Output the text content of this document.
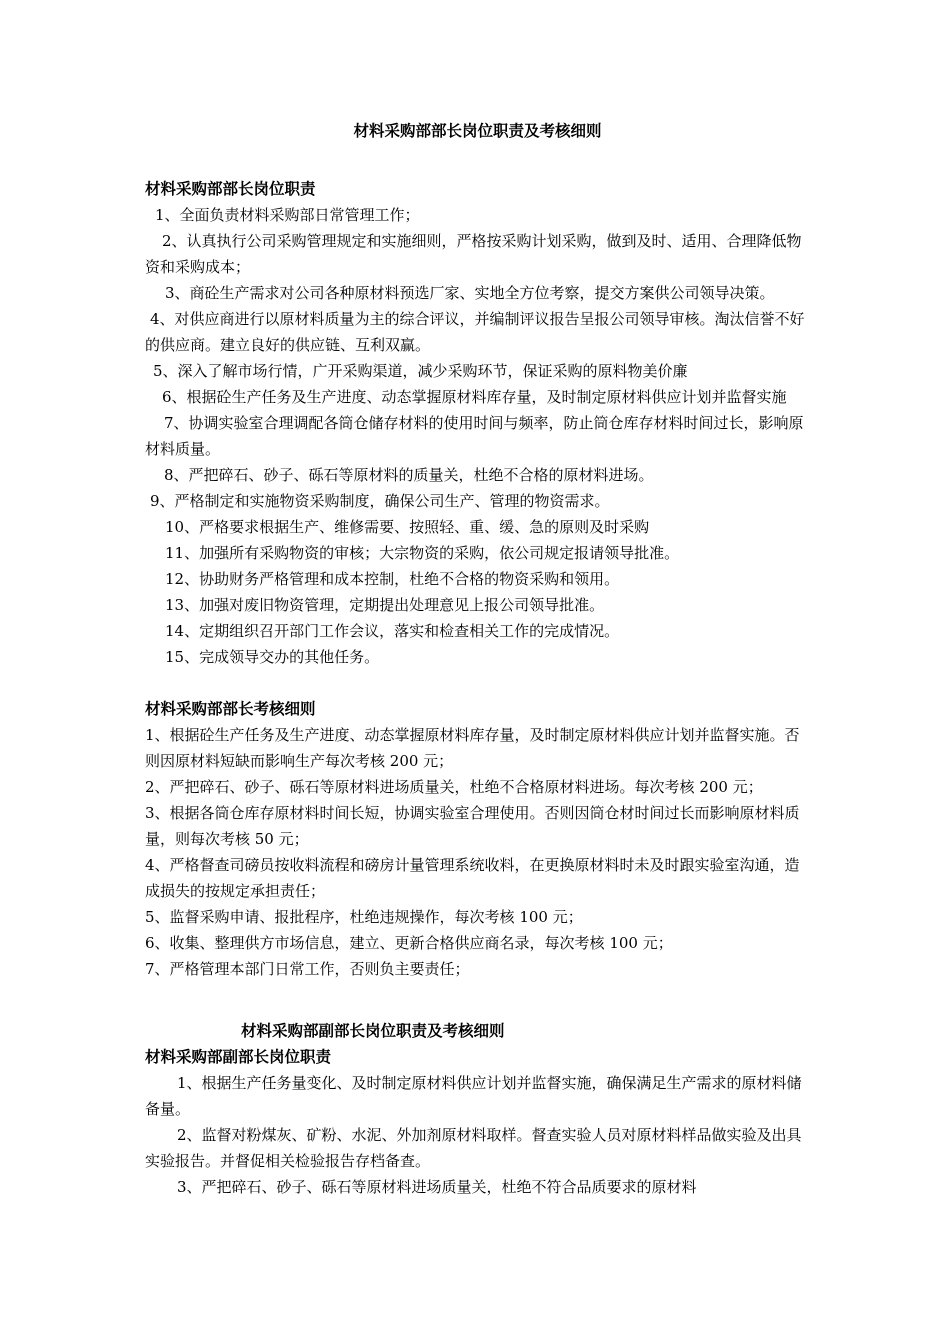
材料采购部部长岗位职责及考核细则
材料采购部部长岗位职责

1、全面负责材料采购部日常管理工作；

2、认真执行公司采购管理规定和实施细则，严格按采购计划采购，做到及时、适用、合理降低物资和采购成本；

3、商砼生产需求对公司各种原材料预选厂家、实地全方位考察，提交方案供公司领导决策。

4、对供应商进行以原材料质量为主的综合评议，并编制评议报告呈报公司领导审核。淘汰信誉不好的供应商。建立良好的供应链、互利双赢。

5、深入了解市场行情，广开采购渠道，减少采购环节，保证采购的原料物美价廉

6、根据砼生产任务及生产进度、动态掌握原材料库存量，及时制定原材料供应计划并监督实施

7、协调实验室合理调配各筒仓储存材料的使用时间与频率，防止筒仓库存材料时间过长，影响原材料质量。

8、严把碎石、砂子、砾石等原材料的质量关，杜绝不合格的原材料进场。

9、严格制定和实施物资采购制度，确保公司生产、管理的物资需求。

10、严格要求根据生产、维修需要、按照轻、重、缓、急的原则及时采购

11、加强所有采购物资的审核；大宗物资的采购，依公司规定报请领导批准。

12、协助财务严格管理和成本控制，杜绝不合格的物资采购和领用。

13、加强对废旧物资管理，定期提出处理意见上报公司领导批准。

14、定期组织召开部门工作会议，落实和检查相关工作的完成情况。

15、完成领导交办的其他任务。

材料采购部部长考核细则

1、根据砼生产任务及生产进度、动态掌握原材料库存量，及时制定原材料供应计划并监督实施。否则因原材料短缺而影响生产每次考核 200 元；

2、严把碎石、砂子、砾石等原材料进场质量关，杜绝不合格原材料进场。每次考核 200 元；

3、根据各筒仓库存原材料时间长短，协调实验室合理使用。否则因筒仓材时间过长而影响原材料质量，则每次考核 50 元；

4、严格督查司磅员按收料流程和磅房计量管理系统收料，在更换原材料时未及时跟实验室沟通，造成损失的按规定承担责任；

5、监督采购申请、报批程序，杜绝违规操作，每次考核 100 元；

6、收集、整理供方市场信息，建立、更新合格供应商名录，每次考核 100 元；

7、严格管理本部门日常工作，否则负主要责任；

材料采购部副部长岗位职责及考核细则
材料采购部副部长岗位职责

1、根据生产任务量变化、及时制定原材料供应计划并监督实施，确保满足生产需求的原材料储备量。

2、监督对粉煤灰、矿粉、水泥、外加剂原材料取样。督查实验人员对原材料样品做实验及出具实验报告。并督促相关检验报告存档备查。

3、严把碎石、砂子、砾石等原材料进场质量关，杜绝不符合品质要求的原材料
